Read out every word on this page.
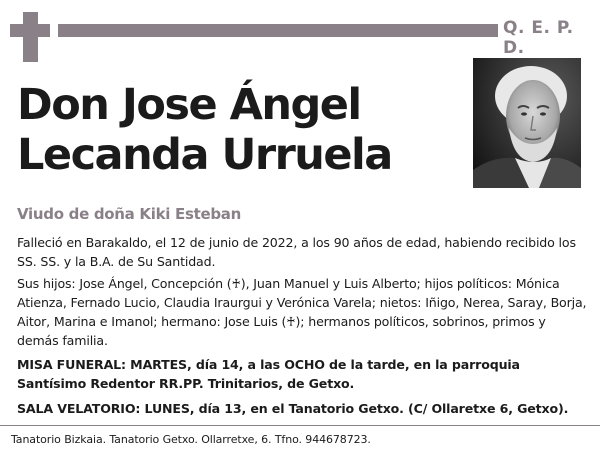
Q. E. P. D.
Don Jose Ángel
Lecanda Urruela
Viudo de doña Kiki Esteban
Falleció en Barakaldo, el 12 de junio de 2022, a los 90 años de edad, habiendo recibido los SS. SS. y la B.A. de Su Santidad.
Sus hijos: Jose Ángel, Concepción (♰), Juan Manuel y Luis Alberto; hijos políticos: Mónica Atienza, Fernado Lucio, Claudia Iraurgui y Verónica Varela; nietos: Iñigo, Nerea, Saray, Borja, Aitor, Marina e Imanol; hermano: Jose Luis (♰); hermanos políticos, sobrinos, primos y demás familia.
MISA FUNERAL: MARTES, día 14, a las OCHO de la tarde, en la parroquia Santísimo Redentor RR.PP. Trinitarios, de Getxo.
SALA VELATORIO: LUNES, día 13, en el Tanatorio Getxo. (C/ Ollaretxe 6, Getxo).
Tanatorio Bizkaia. Tanatorio Getxo. Ollarretxe, 6. Tfno. 944678723.
